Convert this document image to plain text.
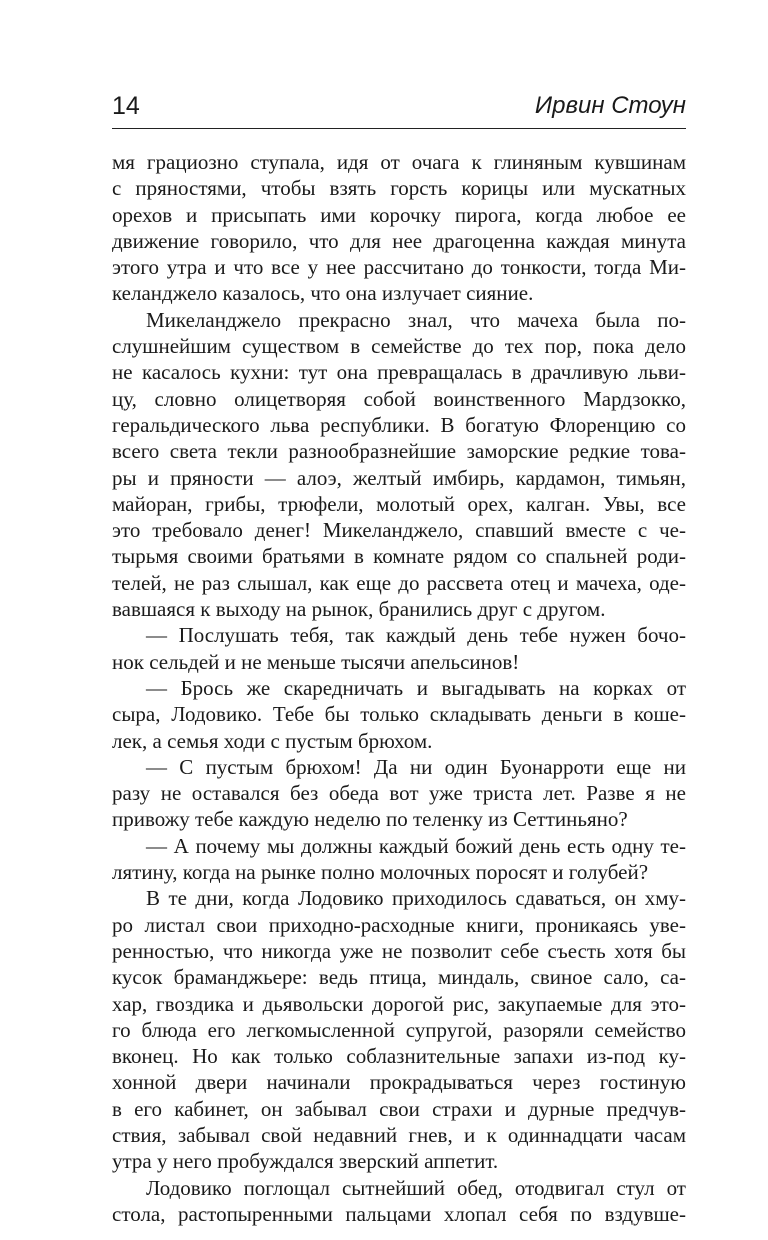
14	Ирвин Стоун
мя грациозно ступала, идя от очага к глиняным кувшинам
с пряностями, чтобы взять горсть корицы или мускатных
орехов и присыпать ими корочку пирога, когда любое ее
движение говорило, что для нее драгоценна каждая минута
этого утра и что все у нее рассчитано до тонкости, тогда Ми-
келанджело казалось, что она излучает сияние.
Микеланджело прекрасно знал, что мачеха была по-
слушнейшим существом в семействе до тех пор, пока дело
не касалось кухни: тут она превращалась в драчливую льви-
цу, словно олицетворяя собой воинственного Мардзокко,
геральдического льва республики. В богатую Флоренцию со
всего света текли разнообразнейшие заморские редкие това-
ры и пряности — алоэ, желтый имбирь, кардамон, тимьян,
майоран, грибы, трюфели, молотый орех, калган. Увы, все
это требовало денег! Микеланджело, спавший вместе с че-
тырьмя своими братьями в комнате рядом со спальней роди-
телей, не раз слышал, как еще до рассвета отец и мачеха, оде-
вавшаяся к выходу на рынок, бранились друг с другом.
— Послушать тебя, так каждый день тебе нужен бочо-
нок сельдей и не меньше тысячи апельсинов!
— Брось же скаредничать и выгадывать на корках от
сыра, Лодовико. Тебе бы только складывать деньги в коше-
лек, а семья ходи с пустым брюхом.
— С пустым брюхом! Да ни один Буонарроти еще ни
разу не оставался без обеда вот уже триста лет. Разве я не
привожу тебе каждую неделю по теленку из Сеттиньяно?
— А почему мы должны каждый божий день есть одну те-
лятину, когда на рынке полно молочных поросят и голубей?
В те дни, когда Лодовико приходилось сдаваться, он хму-
ро листал свои приходно-расходные книги, проникаясь уве-
ренностью, что никогда уже не позволит себе съесть хотя бы
кусок браманджьере: ведь птица, миндаль, свиное сало, са-
хар, гвоздика и дьявольски дорогой рис, закупаемые для это-
го блюда его легкомысленной супругой, разоряли семейство
вконец. Но как только соблазнительные запахи из-под ку-
хонной двери начинали прокрадываться через гостиную
в его кабинет, он забывал свои страхи и дурные предчув-
ствия, забывал свой недавний гнев, и к одиннадцати часам
утра у него пробуждался зверский аппетит.
Лодовико поглощал сытнейший обед, отодвигал стул от
стола, растопыренными пальцами хлопал себя по вздувше-
